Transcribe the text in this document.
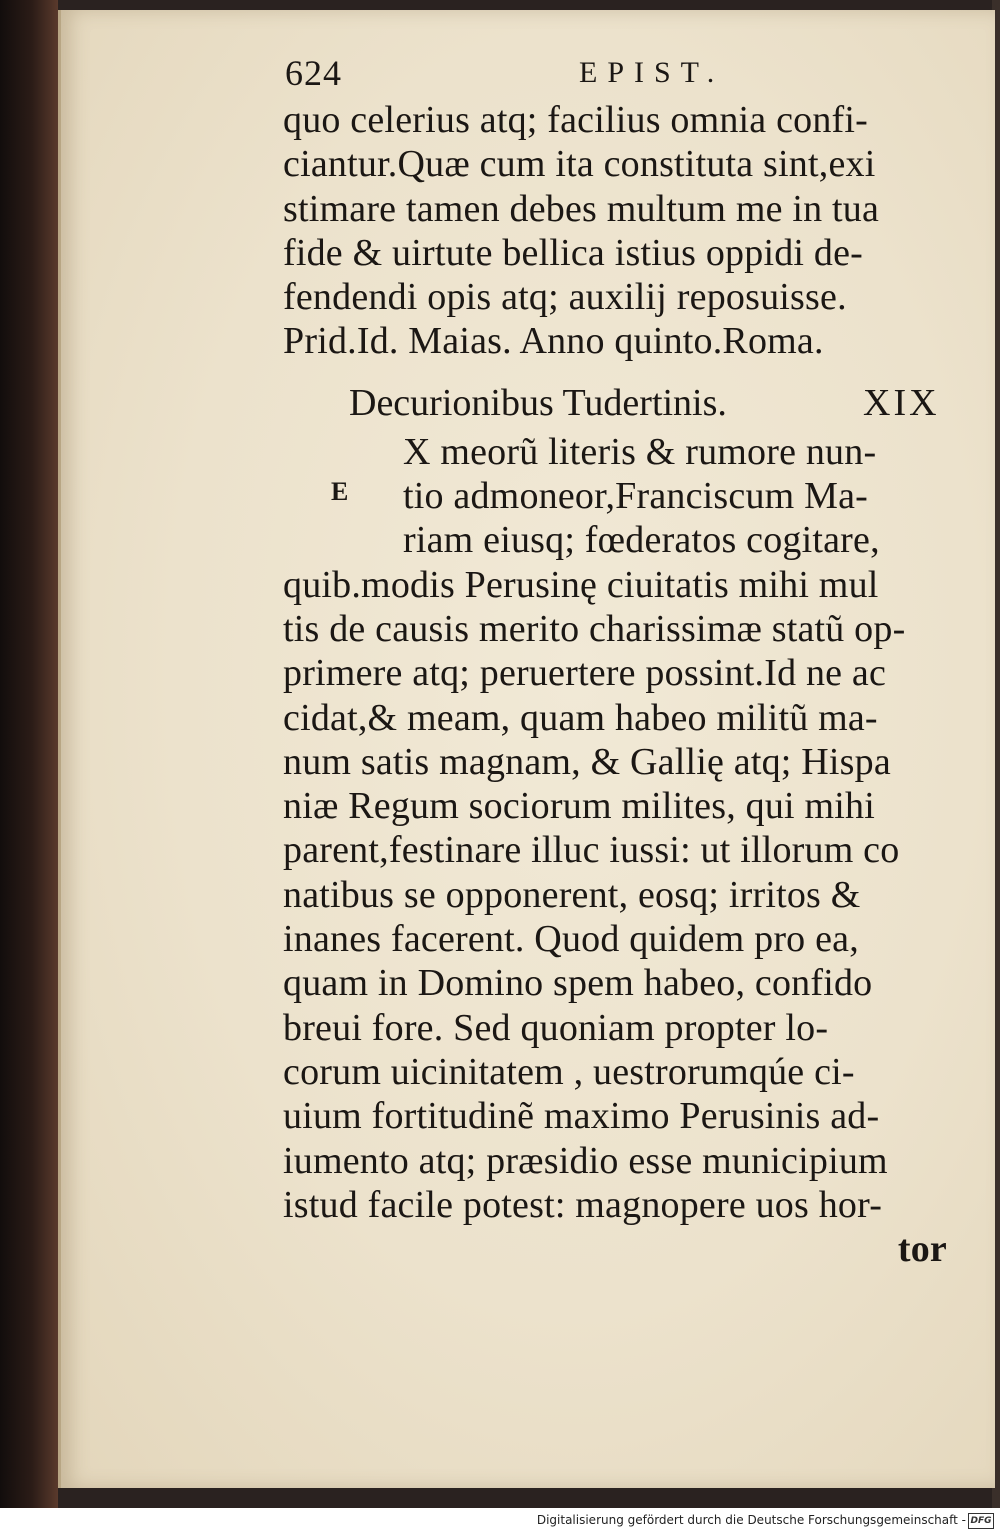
624	EPIST.
quo celerius atq; facilius omnia confi-
ciantur.Quæ cum ita constituta sint,exi
stimare tamen debes multum me in tua
fide & uirtute bellica istius oppidi de-
fendendi opis atq; auxilij reposuisse.
Prid.Id. Maias. Anno quinto.Roma.
Decurionibus Tudertinis.	XIX
E
X meorũ literis & rumore nun-
tio admoneor,Franciscum Ma-
riam eiusq; fœderatos cogitare,
quib.modis Perusinę ciuitatis mihi mul
tis de causis merito charissimæ statũ op-
primere atq; peruertere possint.Id ne ac
cidat,& meam, quam habeo militũ ma-
num satis magnam, & Gallię atq; Hispa
niæ Regum sociorum milites, qui mihi
parent,festinare illuc iussi: ut illorum co
natibus se opponerent, eosq; irritos &
inanes facerent. Quod quidem pro ea,
quam in Domino spem habeo, confido
breui fore. Sed quoniam propter lo-
corum uicinitatem , uestrorumqúe ci-
uium fortitudinẽ maximo Perusinis ad-
iumento atq; præsidio esse municipium
istud facile potest: magnopere uos hor-
tor
Digitalisierung gefördert durch die Deutsche Forschungsgemeinschaft - DFG
